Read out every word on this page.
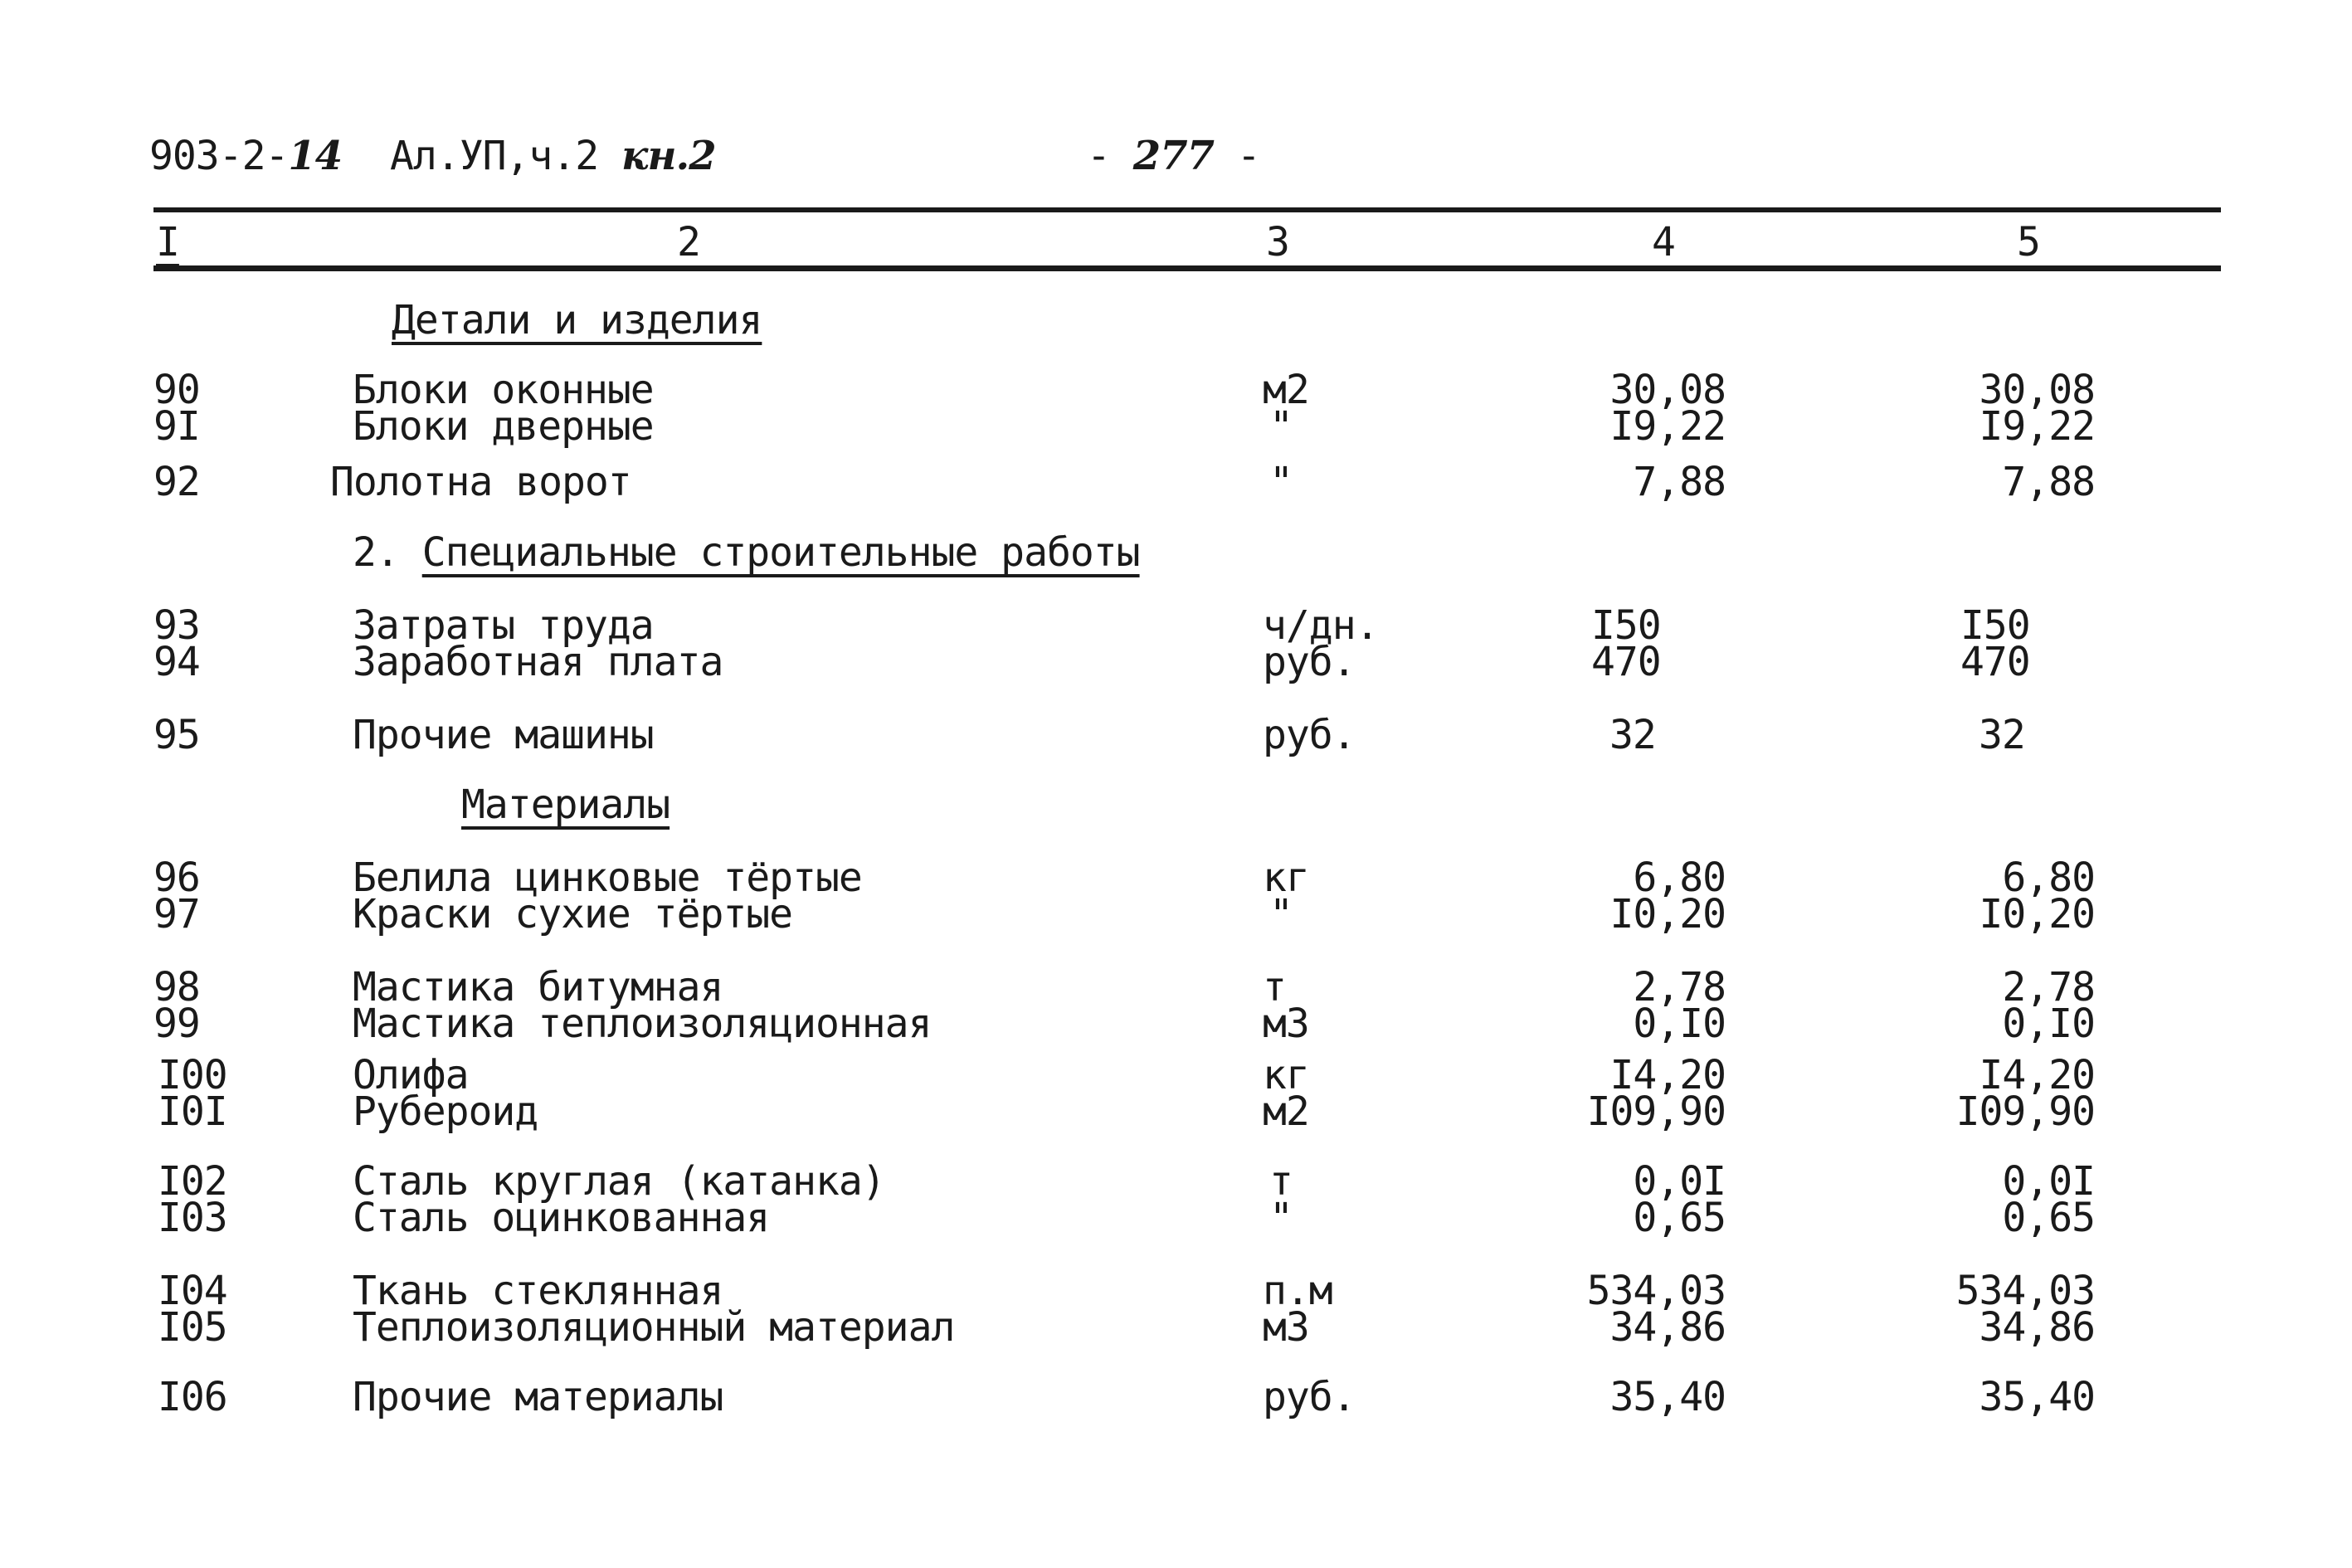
903-2-14 Ал.УП,ч.2 кн.2	- 277 -
I	2	3	4	5
Детали и изделия
90	Блоки оконные	м2	30,08	30,08
9I	Блоки дверные	"	I9,22	I9,22
92	Полотна ворот	"	7,88	7,88
2. Специальные строительные работы
93	Затраты труда	ч/дн.	I50	I50
94	Заработная плата	руб.	470	470
95	Прочие машины	руб.	32	32
Материалы
96	Белила цинковые тёртые	кг	6,80	6,80
97	Краски сухие тёртые	"	I0,20	I0,20
98	Мастика битумная	т	2,78	2,78
99	Мастика теплоизоляционная	м3	0,I0	0,I0
I00	Олифа	кг	I4,20	I4,20
I0I	Рубероид	м2	I09,90	I09,90
I02	Сталь круглая (катанка)	т	0,0I	0,0I
I03	Сталь оцинкованная	"	0,65	0,65
I04	Ткань стеклянная	п.м	534,03	534,03
I05	Теплоизоляционный материал	м3	34,86	34,86
I06	Прочие материалы	руб.	35,40	35,40
